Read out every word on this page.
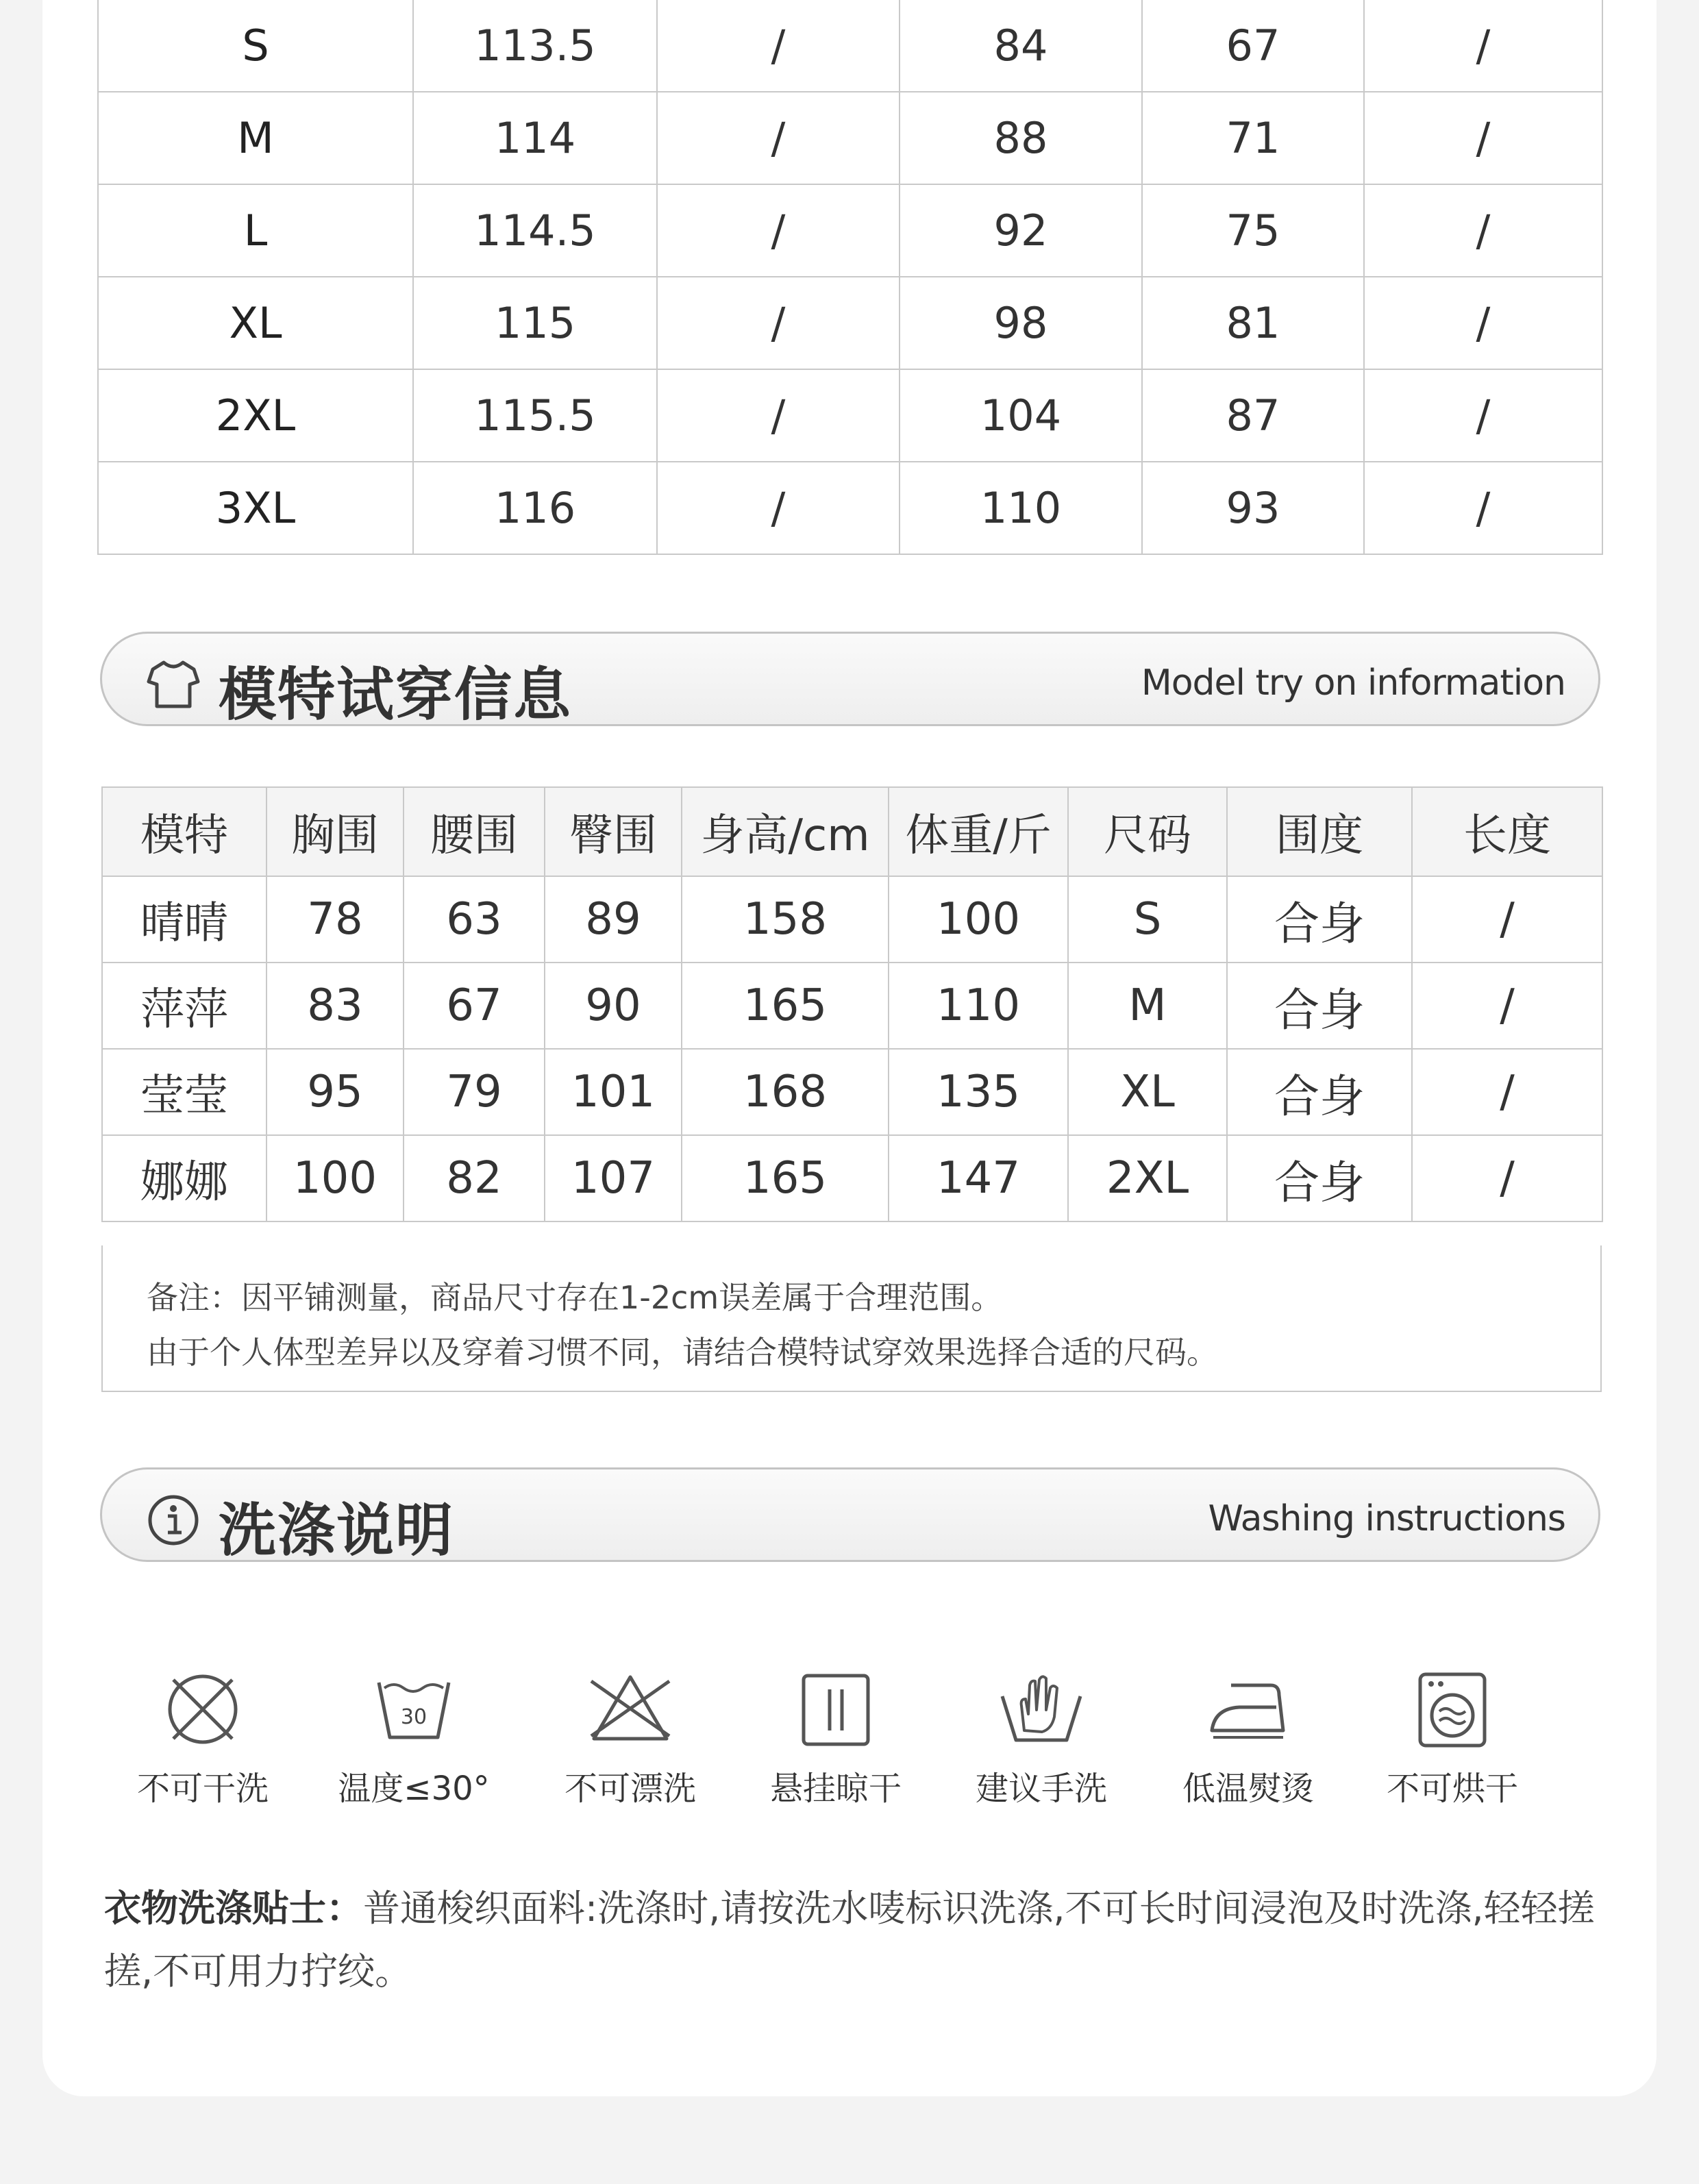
S	113.5	/	84	67	/
M	114	/	88	71	/
L	114.5	/	92	75	/
XL	115	/	98	81	/
2XL	115.5	/	104	87	/
3XL	116	/	110	93	/
模特试穿信息	Model try on information
模特	胸围	腰围	臀围	身高/cm	体重/斤	尺码	围度	长度
晴晴	78	63	89	158	100	S	合身	/
萍萍	83	67	90	165	110	M	合身	/
莹莹	95	79	101	168	135	XL	合身	/
娜娜	100	82	107	165	147	2XL	合身	/
备注：因平铺测量，商品尺寸存在1-2cm误差属于合理范围。
由于个人体型差异以及穿着习惯不同，请结合模特试穿效果选择合适的尺码。
洗涤说明	Washing instructions
不可干洗
30
温度≤30°	不可漂洗	悬挂晾干	建议手洗	低温熨烫	不可烘干
衣物洗涤贴士：普通梭织面料:洗涤时,请按洗水唛标识洗涤,不可长时间浸泡及时洗涤,轻轻搓搓,不可用力拧绞。
